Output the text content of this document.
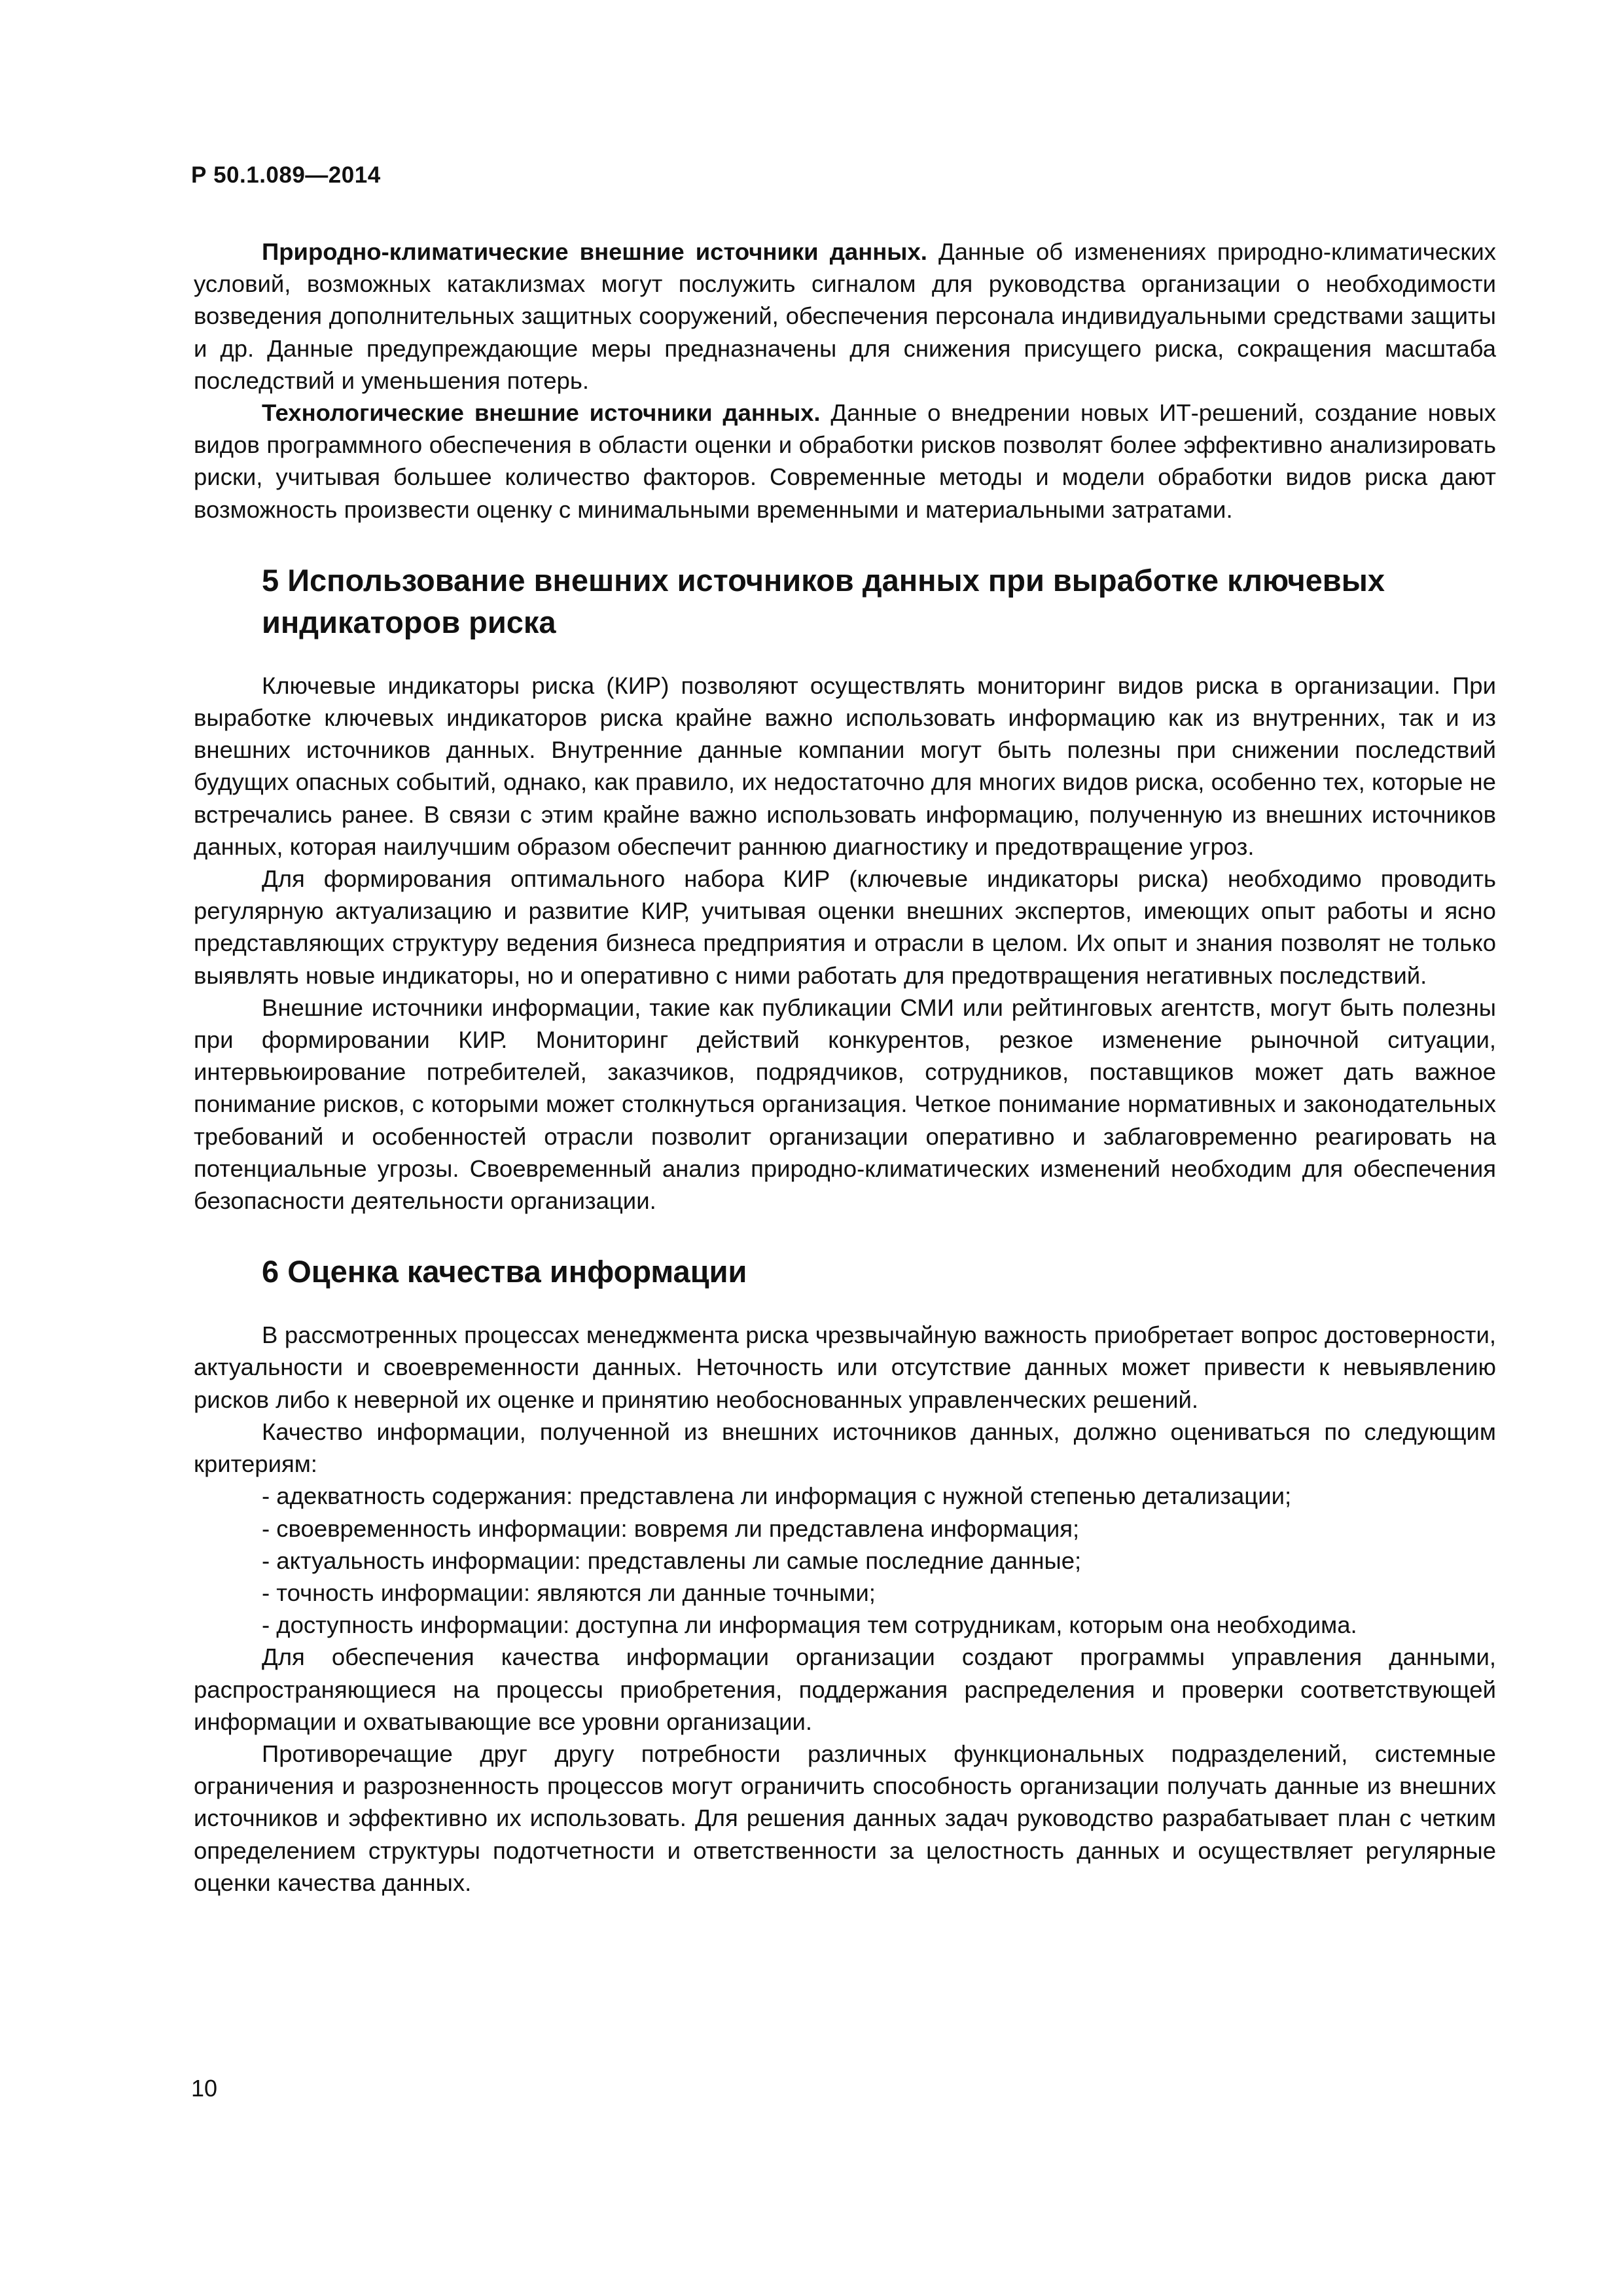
Р 50.1.089—2014

Природно-климатические внешние источники данных. Данные об изменениях природно-климатических условий, возможных катаклизмах могут послужить сигналом для руководства организации о необходимости возведения дополнительных защитных сооружений, обеспечения персонала индивидуальными средствами защиты и др. Данные предупреждающие меры предназначены для снижения присущего риска, сокращения масштаба последствий и уменьшения потерь.

Технологические внешние источники данных. Данные о внедрении новых ИТ-решений, создание новых видов программного обеспечения в области оценки и обработки рисков позволят более эффективно анализировать риски, учитывая большее количество факторов. Современные методы и модели обработки видов риска дают возможность произвести оценку с минимальными временными и материальными затратами.

5 Использование внешних источников данных при выработке ключевых индикаторов риска

Ключевые индикаторы риска (КИР) позволяют осуществлять мониторинг видов риска в организации. При выработке ключевых индикаторов риска крайне важно использовать информацию как из внутренних, так и из внешних источников данных. Внутренние данные компании могут быть полезны при снижении последствий будущих опасных событий, однако, как правило, их недостаточно для многих видов риска, особенно тех, которые не встречались ранее. В связи с этим крайне важно использовать информацию, полученную из внешних источников данных, которая наилучшим образом обеспечит раннюю диагностику и предотвращение угроз.

Для формирования оптимального набора КИР (ключевые индикаторы риска) необходимо проводить регулярную актуализацию и развитие КИР, учитывая оценки внешних экспертов, имеющих опыт работы и ясно представляющих структуру ведения бизнеса предприятия и отрасли в целом. Их опыт и знания позволят не только выявлять новые индикаторы, но и оперативно с ними работать для предотвращения негативных последствий.

Внешние источники информации, такие как публикации СМИ или рейтинговых агентств, могут быть полезны при формировании КИР. Мониторинг действий конкурентов, резкое изменение рыночной ситуации, интервьюирование потребителей, заказчиков, подрядчиков, сотрудников, поставщиков может дать важное понимание рисков, с которыми может столкнуться организация. Четкое понимание нормативных и законодательных требований и особенностей отрасли позволит организации оперативно и заблаговременно реагировать на потенциальные угрозы. Своевременный анализ природно-климатических изменений необходим для обеспечения безопасности деятельности организации.

6 Оценка качества информации

В рассмотренных процессах менеджмента риска чрезвычайную важность приобретает вопрос достоверности, актуальности и своевременности данных. Неточность или отсутствие данных может привести к невыявлению рисков либо к неверной их оценке и принятию необоснованных управленческих решений.

Качество информации, полученной из внешних источников данных, должно оцениваться по следующим критериям:

- адекватность содержания: представлена ли информация с нужной степенью детализации;
- своевременность информации: вовремя ли представлена информация;
- актуальность информации: представлены ли самые последние данные;
- точность информации: являются ли данные точными;
- доступность информации: доступна ли информация тем сотрудникам, которым она необходима.

Для обеспечения качества информации организации создают программы управления данными, распространяющиеся на процессы приобретения, поддержания распределения и проверки соответствующей информации и охватывающие все уровни организации.

Противоречащие друг другу потребности различных функциональных подразделений, системные ограничения и разрозненность процессов могут ограничить способность организации получать данные из внешних источников и эффективно их использовать. Для решения данных задач руководство разрабатывает план с четким определением структуры подотчетности и ответственности за целостность данных и осуществляет регулярные оценки качества данных.

10
